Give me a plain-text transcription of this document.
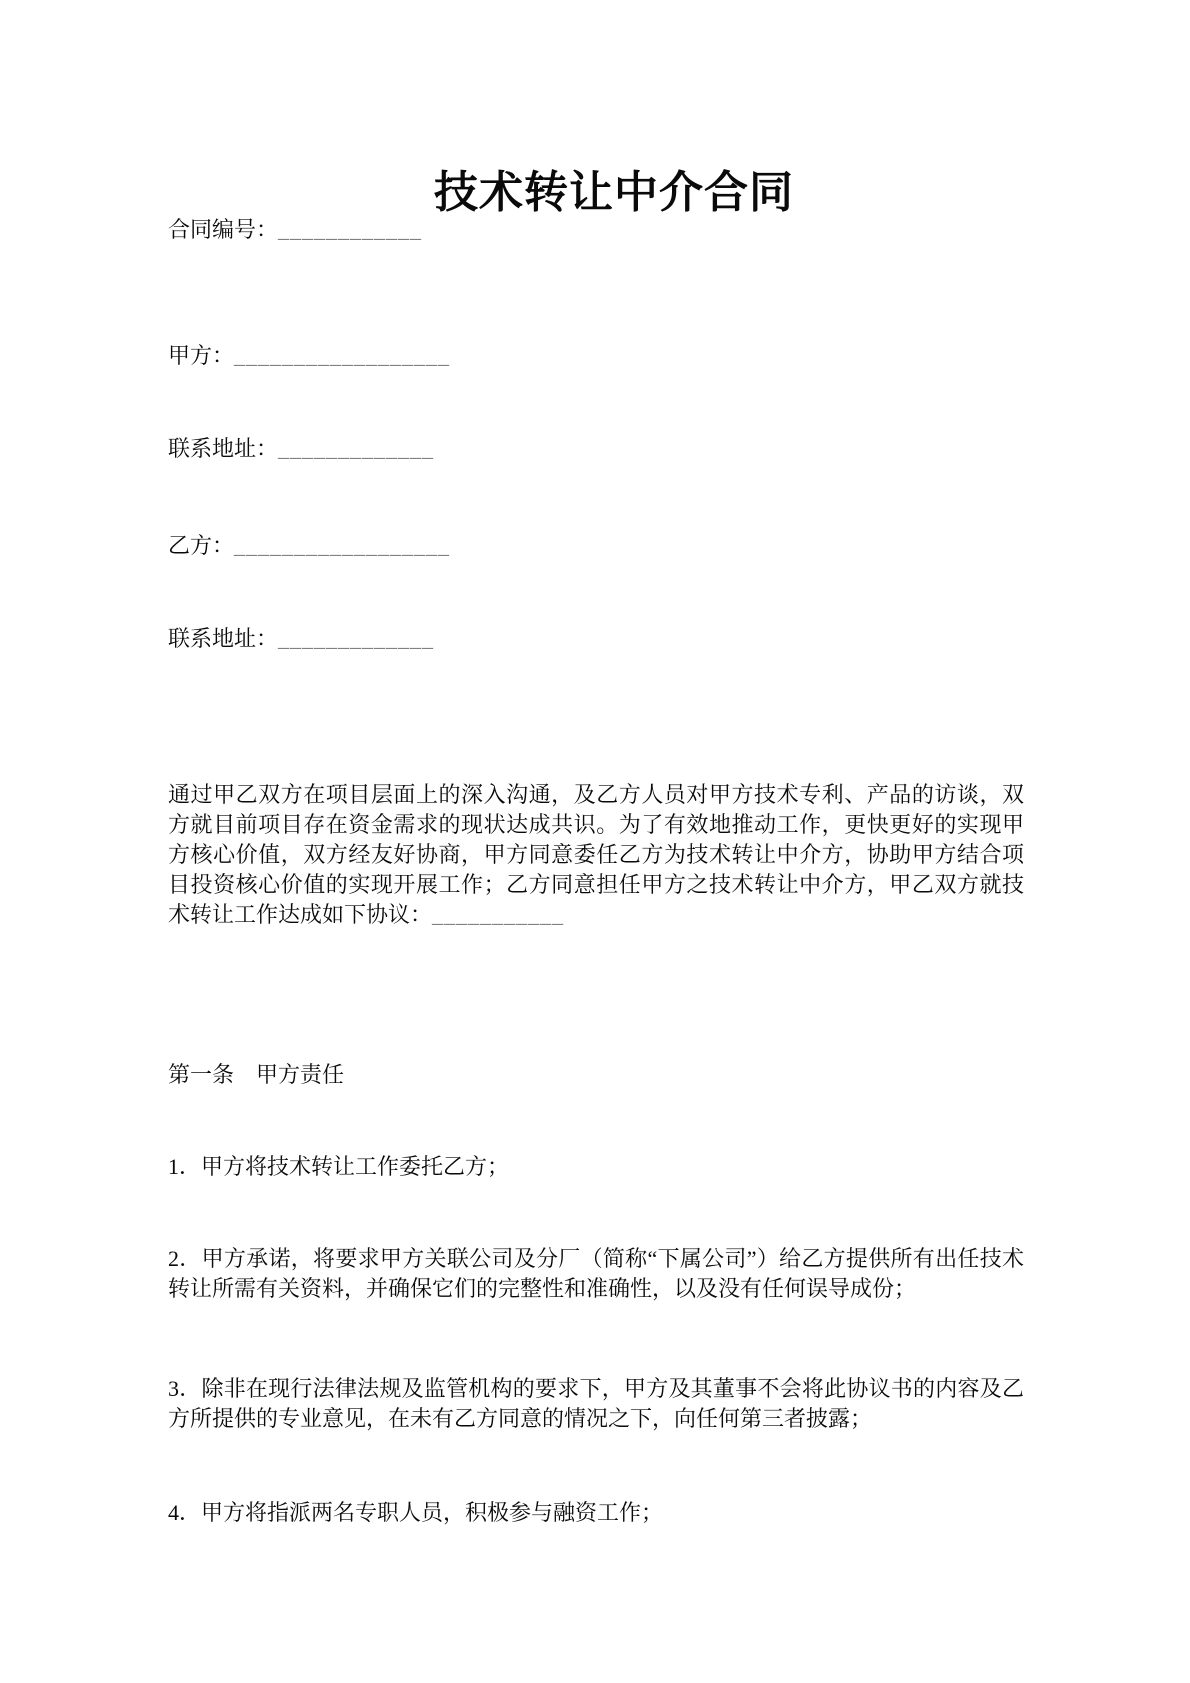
技术转让中介合同
合同编号：____________
甲方：__________________
联系地址：_____________
乙方：__________________
联系地址：_____________
通过甲乙双方在项目层面上的深入沟通，及乙方人员对甲方技术专利、产品的访谈，双方就目前项目存在资金需求的现状达成共识。为了有效地推动工作，更快更好的实现甲方核心价值，双方经友好协商，甲方同意委任乙方为技术转让中介方，协助甲方结合项目投资核心价值的实现开展工作；乙方同意担任甲方之技术转让中介方，甲乙双方就技术转让工作达成如下协议：___________
第一条　甲方责任
1．甲方将技术转让工作委托乙方；
2．甲方承诺，将要求甲方关联公司及分厂（简称“下属公司”）给乙方提供所有出任技术转让所需有关资料，并确保它们的完整性和准确性，以及没有任何误导成份；
3．除非在现行法律法规及监管机构的要求下，甲方及其董事不会将此协议书的内容及乙方所提供的专业意见，在未有乙方同意的情况之下，向任何第三者披露；
4．甲方将指派两名专职人员，积极参与融资工作；
